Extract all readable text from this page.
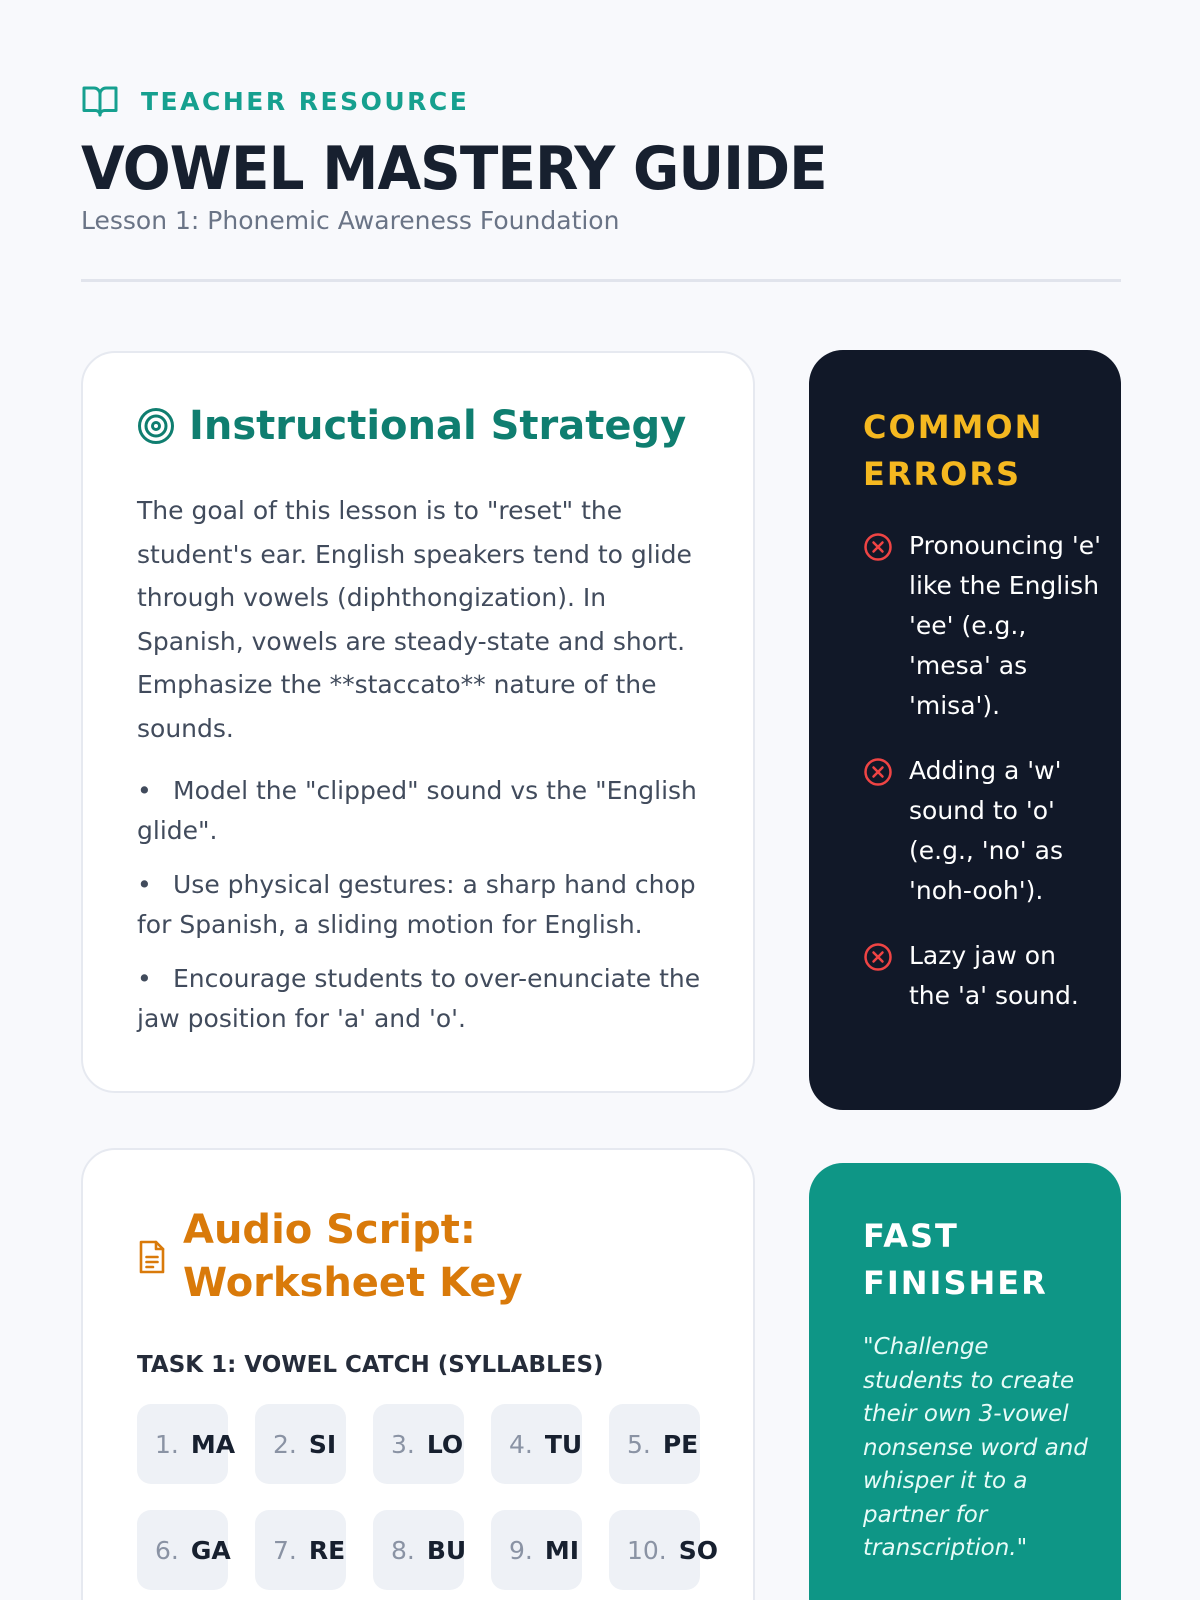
TEACHER RESOURCE
VOWEL MASTERY GUIDE
Lesson 1: Phonemic Awareness Foundation
Instructional Strategy

The goal of this lesson is to "reset" the student's ear. English speakers tend to glide through vowels (diphthongization). In Spanish, vowels are steady-state and short. Emphasize the **staccato** nature of the sounds.

• Model the "clipped" sound vs the "English glide".
• Use physical gestures: a sharp hand chop for Spanish, a sliding motion for English.
• Encourage students to over-enunciate the jaw position for 'a' and 'o'.
COMMON ERRORS
Pronouncing 'e' like the English 'ee' (e.g., 'mesa' as 'misa').
Adding a 'w' sound to 'o' (e.g., 'no' as 'noh-ooh').
Lazy jaw on the 'a' sound.
Audio Script: Worksheet Key
TASK 1: VOWEL CATCH (SYLLABLES)
1. MA 2. SI 3. LO 4. TU 5. PE
6. GA 7. RE 8. BU 9. MI 10. SO
FAST FINISHER

"Challenge students to create their own 3-vowel nonsense word and whisper it to a partner for transcription."
